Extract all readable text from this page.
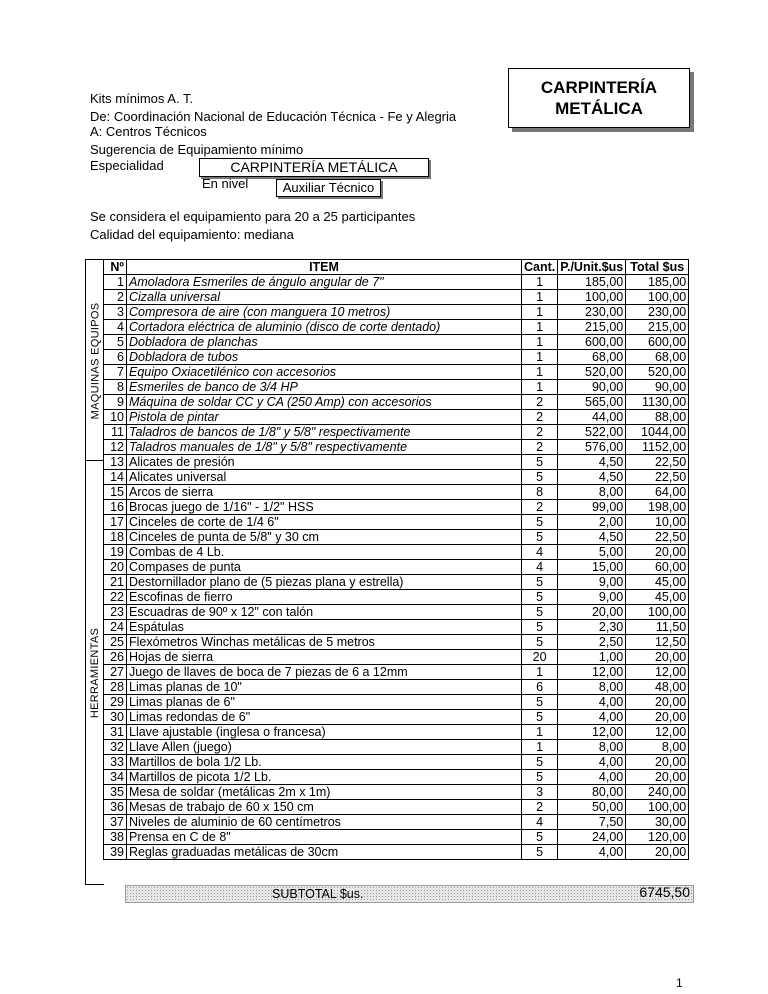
Kits mínimos A. T.
De: Coordinación Nacional de Educación Técnica - Fe y Alegria
A: Centros Técnicos
Sugerencia de Equipamiento mínimo
Especialidad	CARPINTERÍA METÁLICA
En nivel	Auxiliar Técnico
CARPINTERÍA
METÁLICA
Se considera el equipamiento para 20 a 25 participantes
Calidad del equipamiento: mediana
MAQUINAS EQUIPOS
HERRAMIENTAS
Nº	ITEM	Cant.	P./Unit.$us	Total $us
1	Amoladora Esmeriles de ángulo angular de 7"	1	185,00	185,00
2	Cizalla universal	1	100,00	100,00
3	Compresora de aire (con manguera 10 metros)	1	230,00	230,00
4	Cortadora eléctrica de aluminio (disco de corte dentado)	1	215,00	215,00
5	Dobladora de planchas	1	600,00	600,00
6	Dobladora de tubos	1	68,00	68,00
7	Equipo Oxiacetilénico con accesorios	1	520,00	520,00
8	Esmeriles de banco de 3/4 HP	1	90,00	90,00
9	Máquina de soldar CC y CA (250 Amp) con accesorios	2	565,00	1130,00
10	Pistola de pintar	2	44,00	88,00
11	Taladros de bancos de 1/8" y 5/8" respectivamente	2	522,00	1044,00
12	Taladros manuales de 1/8" y 5/8" respectivamente	2	576,00	1152,00
13	Alicates de presión	5	4,50	22,50
14	Alicates universal	5	4,50	22,50
15	Arcos de sierra	8	8,00	64,00
16	Brocas juego de 1/16" - 1/2" HSS	2	99,00	198,00
17	Cinceles de corte de 1/4 6"	5	2,00	10,00
18	Cinceles de punta de 5/8" y 30 cm	5	4,50	22,50
19	Combas de 4 Lb.	4	5,00	20,00
20	Compases de punta	4	15,00	60,00
21	Destornillador plano de (5 piezas plana y estrella)	5	9,00	45,00
22	Escofinas de fierro	5	9,00	45,00
23	Escuadras de 90º x 12" con talón	5	20,00	100,00
24	Espátulas	5	2,30	11,50
25	Flexómetros Winchas metálicas de 5 metros	5	2,50	12,50
26	Hojas de sierra	20	1,00	20,00
27	Juego de llaves de boca de 7 piezas de 6 a 12mm	1	12,00	12,00
28	Limas planas de 10"	6	8,00	48,00
29	Limas planas de 6"	5	4,00	20,00
30	Limas redondas de 6"	5	4,00	20,00
31	Llave ajustable (inglesa o francesa)	1	12,00	12,00
32	Llave Allen (juego)	1	8,00	8,00
33	Martillos de bola 1/2 Lb.	5	4,00	20,00
34	Martillos de picota 1/2 Lb.	5	4,00	20,00
35	Mesa de soldar (metálicas 2m x 1m)	3	80,00	240,00
36	Mesas de trabajo de 60 x 150 cm	2	50,00	100,00
37	Niveles de aluminio de 60 centímetros	4	7,50	30,00
38	Prensa en C de 8"	5	24,00	120,00
39	Reglas graduadas metálicas de 30cm	5	4,00	20,00
SUBTOTAL $us.	6745,50
1
